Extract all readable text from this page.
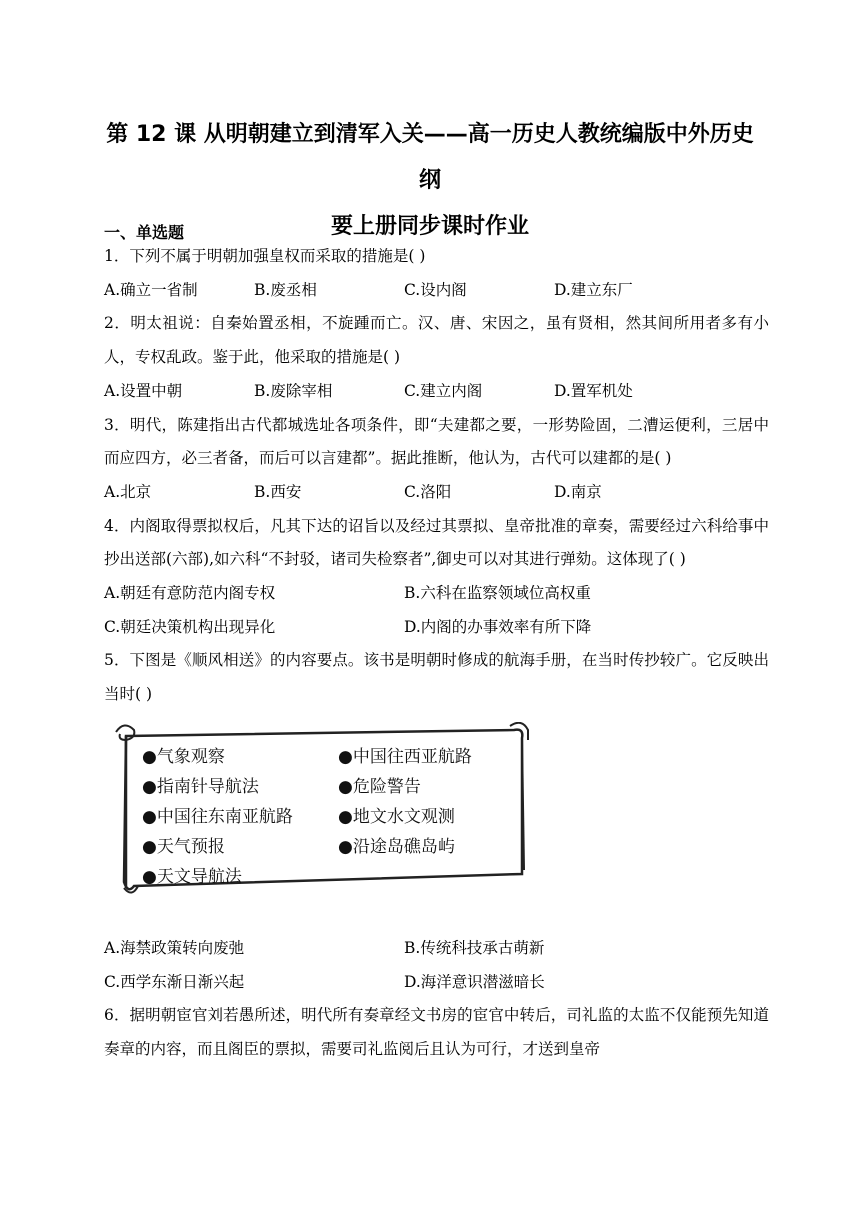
第 12 课 从明朝建立到清军入关——高一历史人教统编版中外历史纲
要上册同步课时作业
一、单选题

1．下列不属于明朝加强皇权而采取的措施是( )

A.确立一省制	B.废丞相	C.设内阁	D.建立东厂

2．明太祖说：自秦始置丞相，不旋踵而亡。汉、唐、宋因之，虽有贤相，然其间所用者多有小人，专权乱政。鉴于此，他采取的措施是( )

A.设置中朝	B.废除宰相	C.建立内阁	D.置军机处

3．明代，陈建指出古代都城选址各项条件，即“夫建都之要，一形势险固，二漕运便利，三居中而应四方，必三者备，而后可以言建都”。据此推断，他认为，古代可以建都的是( )

A.北京	B.西安	C.洛阳	D.南京

4．内阁取得票拟权后，凡其下达的诏旨以及经过其票拟、皇帝批准的章奏，需要经过六科给事中抄出送部(六部),如六科“不封驳，诸司失检察者”,御史可以对其进行弹劾。这体现了( )

A.朝廷有意防范内阁专权	B.六科在监察领域位高权重
C.朝廷决策机构出现异化	D.内阁的办事效率有所下降

5．下图是《顺风相送》的内容要点。该书是明朝时修成的航海手册，在当时传抄较广。它反映出当时( )

●气象观察
●指南针导航法
●中国往东南亚航路
●天气预报
●天文导航法
●中国往西亚航路
●危险警告
●地文水文观测
●沿途岛礁岛屿
A.海禁政策转向废弛	B.传统科技承古萌新
C.西学东渐日渐兴起	D.海洋意识潜滋暗长

6．据明朝宦官刘若愚所述，明代所有奏章经文书房的宦官中转后，司礼监的太监不仅能预先知道奏章的内容，而且阁臣的票拟，需要司礼监阅后且认为可行，才送到皇帝
